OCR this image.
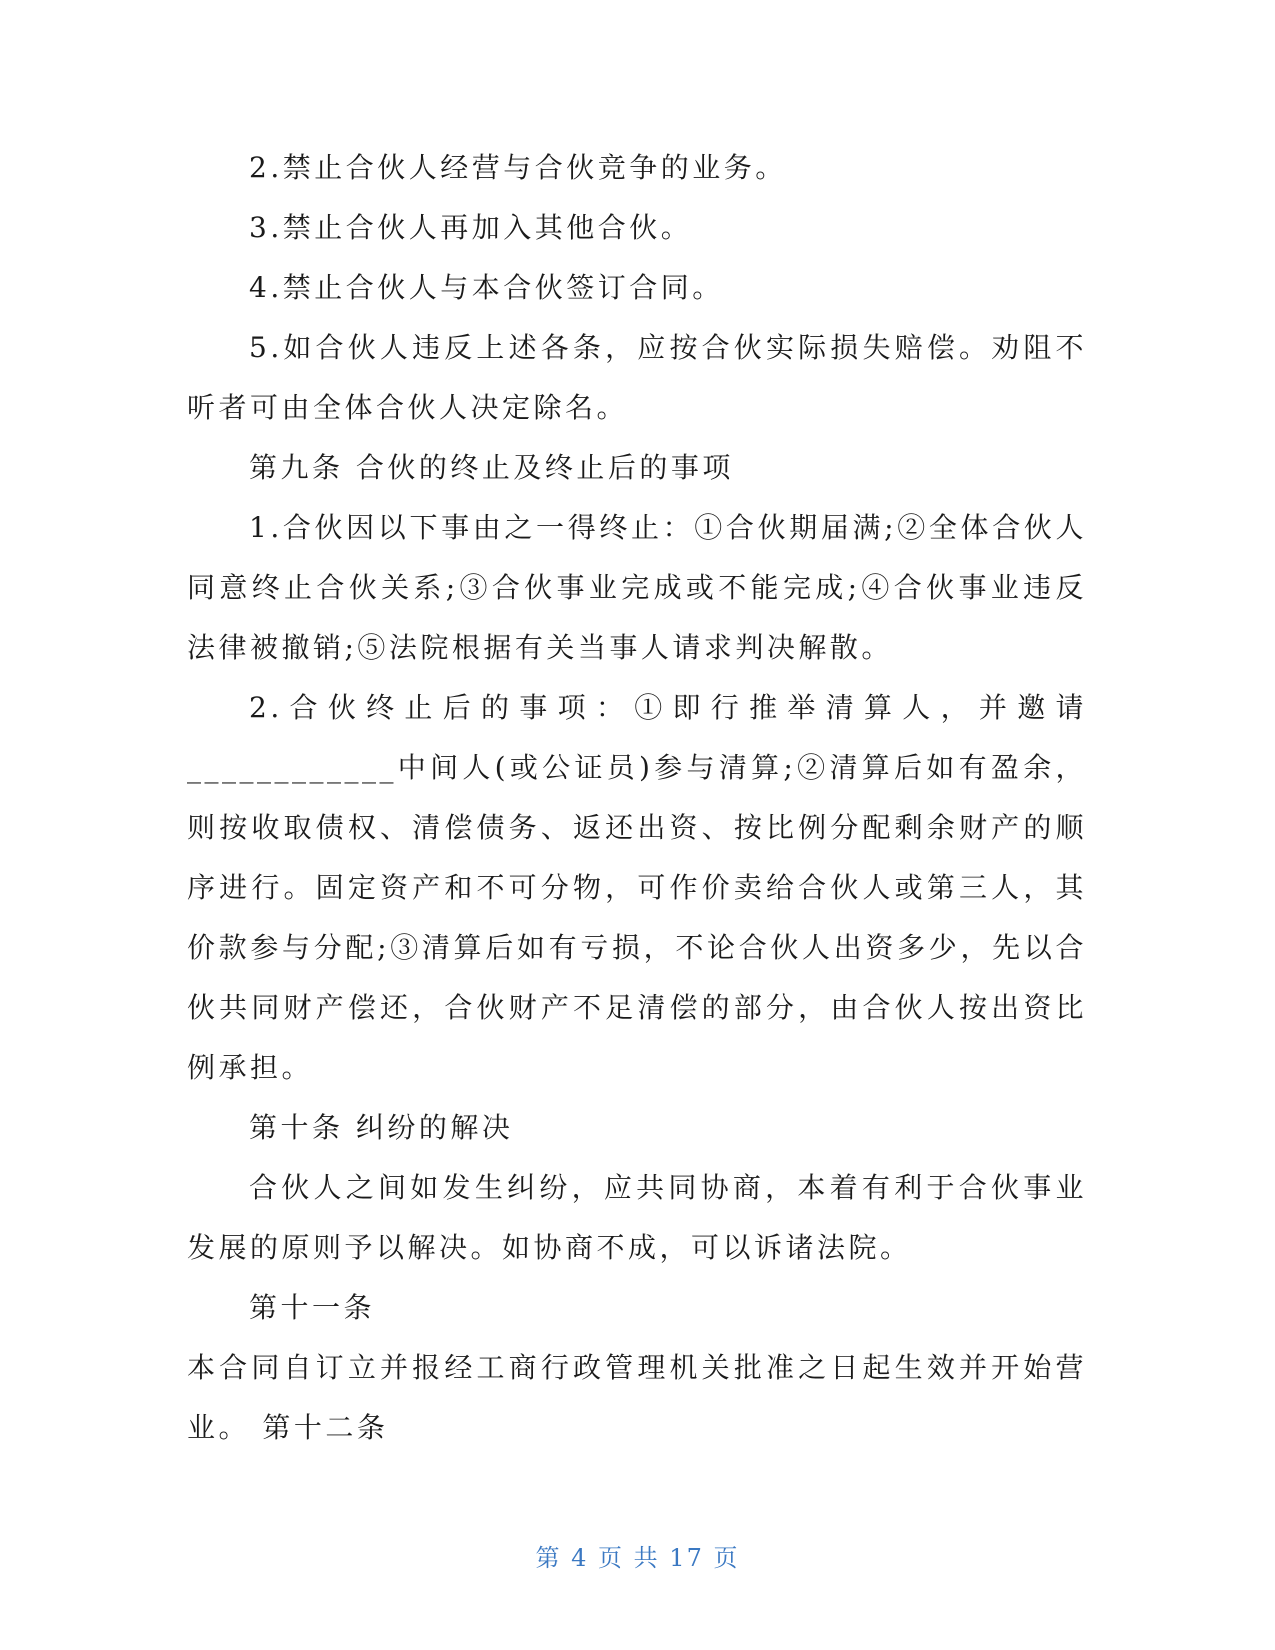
2.禁止合伙人经营与合伙竞争的业务。

3.禁止合伙人再加入其他合伙。

4.禁止合伙人与本合伙签订合同。

5.如合伙人违反上述各条，应按合伙实际损失赔偿。劝阻不听者可由全体合伙人决定除名。

第九条 合伙的终止及终止后的事项

1.合伙因以下事由之一得终止：①合伙期届满;②全体合伙人同意终止合伙关系;③合伙事业完成或不能完成;④合伙事业违反法律被撤销;⑤法院根据有关当事人请求判决解散。

2.合伙终止后的事项：①即行推举清算人，并邀请____________中间人(或公证员)参与清算;②清算后如有盈余，则按收取债权、清偿债务、返还出资、按比例分配剩余财产的顺序进行。固定资产和不可分物，可作价卖给合伙人或第三人，其价款参与分配;③清算后如有亏损，不论合伙人出资多少，先以合伙共同财产偿还，合伙财产不足清偿的部分，由合伙人按出资比例承担。

第十条 纠纷的解决

合伙人之间如发生纠纷，应共同协商，本着有利于合伙事业发展的原则予以解决。如协商不成，可以诉诸法院。

第十一条

本合同自订立并报经工商行政管理机关批准之日起生效并开始营业。 第十二条

第 4 页 共 17 页
